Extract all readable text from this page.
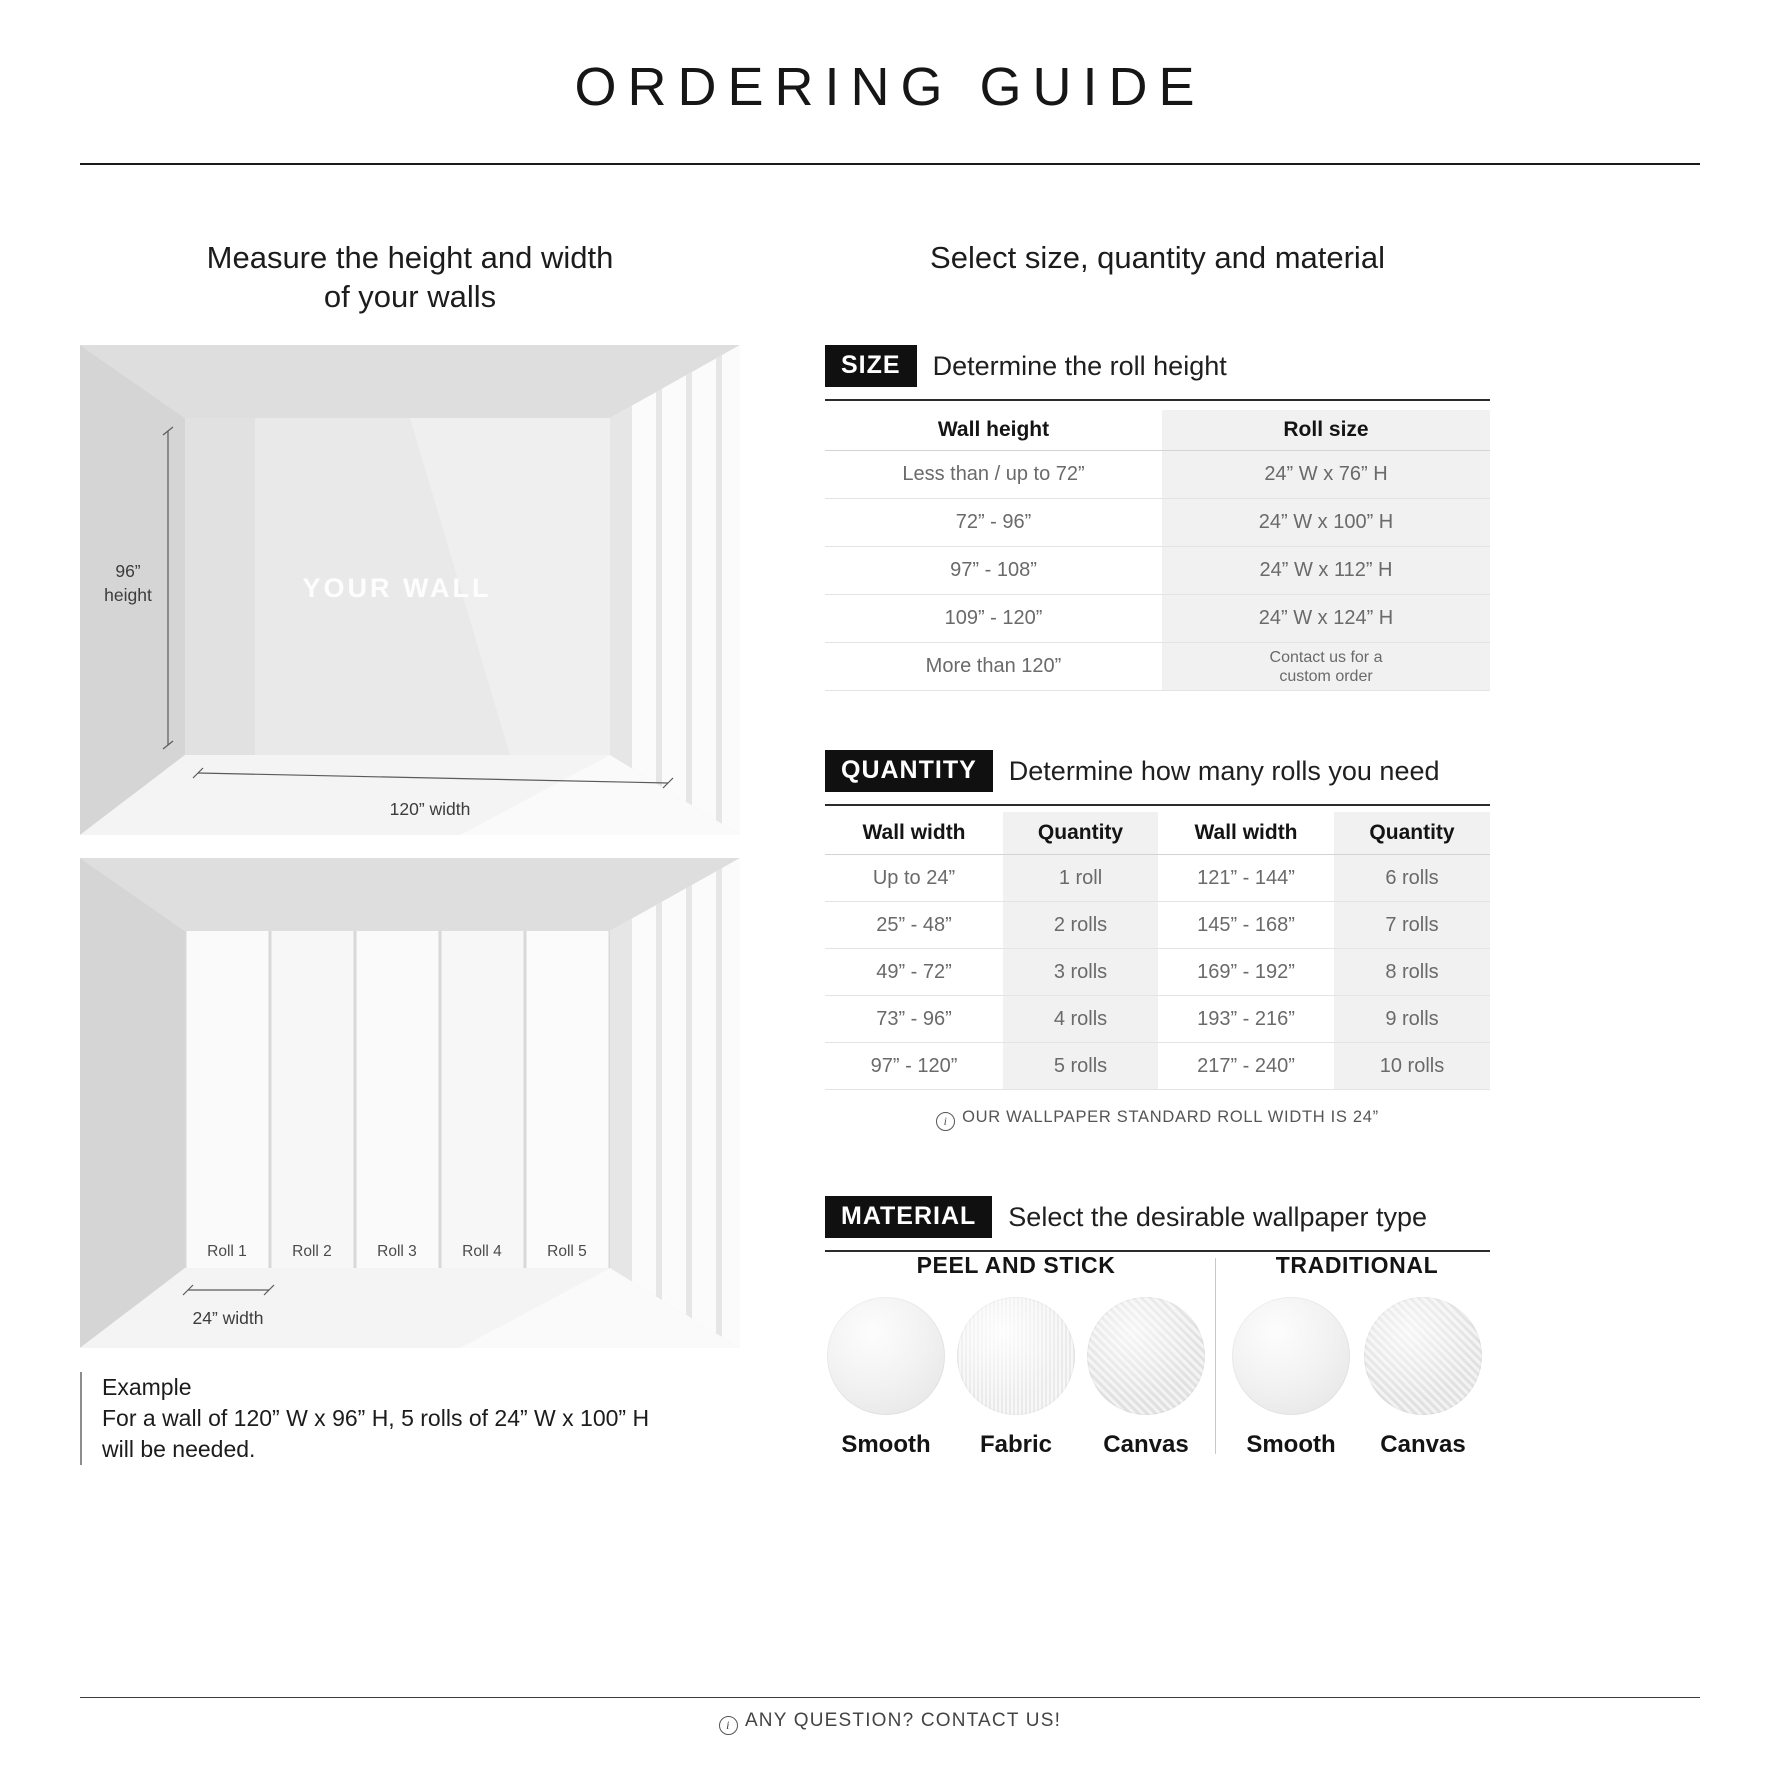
ORDERING GUIDE
Measure the height and width
of your walls
96”
height	YOUR WALL
120” width
Roll 1	Roll 2	Roll 3	Roll 4	Roll 5
24” width
Example
For a wall of 120” W x 96” H, 5 rolls of 24” W x 100” H
will be needed.
Select size, quantity and material
SIZE	Determine the roll height
Wall height	Roll size
Less than / up to 72”	24” W x 76” H
72” - 96”	24” W x 100” H
97” - 108”	24” W x 112” H
109” - 120”	24” W x 124” H
More than 120”	Contact us for a custom order
QUANTITY	Determine how many rolls you need
Wall width	Quantity	Wall width	Quantity
Up to 24”	1 roll	121” - 144”	6 rolls
25” - 48”	2 rolls	145” - 168”	7 rolls
49” - 72”	3 rolls	169” - 192”	8 rolls
73” - 96”	4 rolls	193” - 216”	9 rolls
97” - 120”	5 rolls	217” - 240”	10 rolls
i OUR WALLPAPER STANDARD ROLL WIDTH IS 24”
MATERIAL	Select the desirable wallpaper type
PEEL AND STICK
Smooth Fabric Canvas
TRADITIONAL
Smooth Canvas
i ANY QUESTION? CONTACT US!
